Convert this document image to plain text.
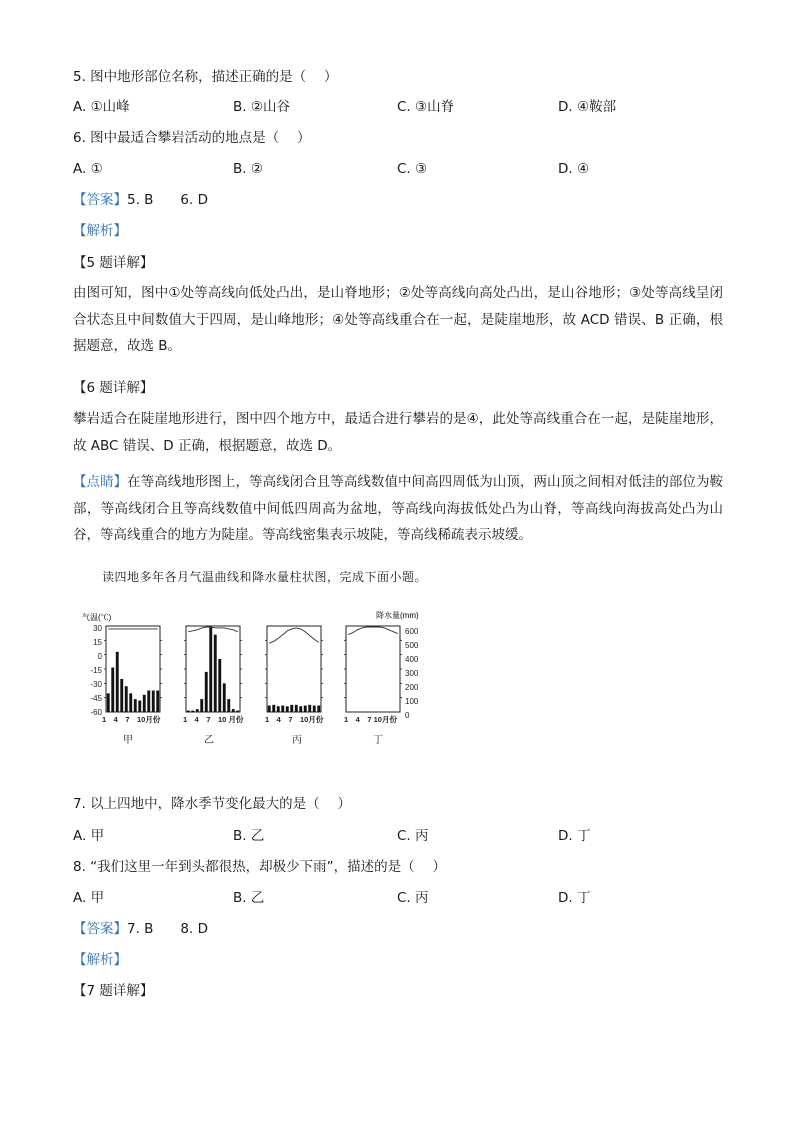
5. 图中地形部位名称，描述正确的是（　 ）
A. ①山峰	B. ②山谷	C. ③山脊	D. ④鞍部
6. 图中最适合攀岩活动的地点是（　 ）
A. ①	B. ②	C. ③	D. ④
【答案】5. B　　6. D
【解析】
【5 题详解】
由图可知，图中①处等高线向低处凸出，是山脊地形；②处等高线向高处凸出，是山谷地形；③处等高线呈闭合状态且中间数值大于四周，是山峰地形；④处等高线重合在一起，是陡崖地形，故 ACD 错误、B 正确，根据题意，故选 B。
【6 题详解】
攀岩适合在陡崖地形进行，图中四个地方中，最适合进行攀岩的是④，此处等高线重合在一起，是陡崖地形，故 ABC 错误、D 正确，根据题意，故选 D。
【点睛】在等高线地形图上，等高线闭合且等高线数值中间高四周低为山顶，两山顶之间相对低洼的部位为鞍部，等高线闭合且等高线数值中间低四周高为盆地，等高线向海拔低处凸为山脊，等高线向海拔高处凸为山谷，等高线重合的地方为陡崖。等高线密集表示坡陡，等高线稀疏表示坡缓。
读四地多年各月气温曲线和降水量柱状图，完成下面小题。
气温(℃)	降水量(mm)
30
15
0
-15
-30
-45
-60
600
500
400
300
200
100
0
1　4　7　10月份	1　4　7　10 月份	1　4　7　10月份	1　4　7 10月份
甲	乙	丙	丁
7. 以上四地中，降水季节变化最大的是（　 ）
A. 甲	B. 乙	C. 丙	D. 丁
8. “我们这里一年到头都很热，却极少下雨”，描述的是（　 ）
A. 甲	B. 乙	C. 丙	D. 丁
【答案】7. B　　8. D
【解析】
【7 题详解】
